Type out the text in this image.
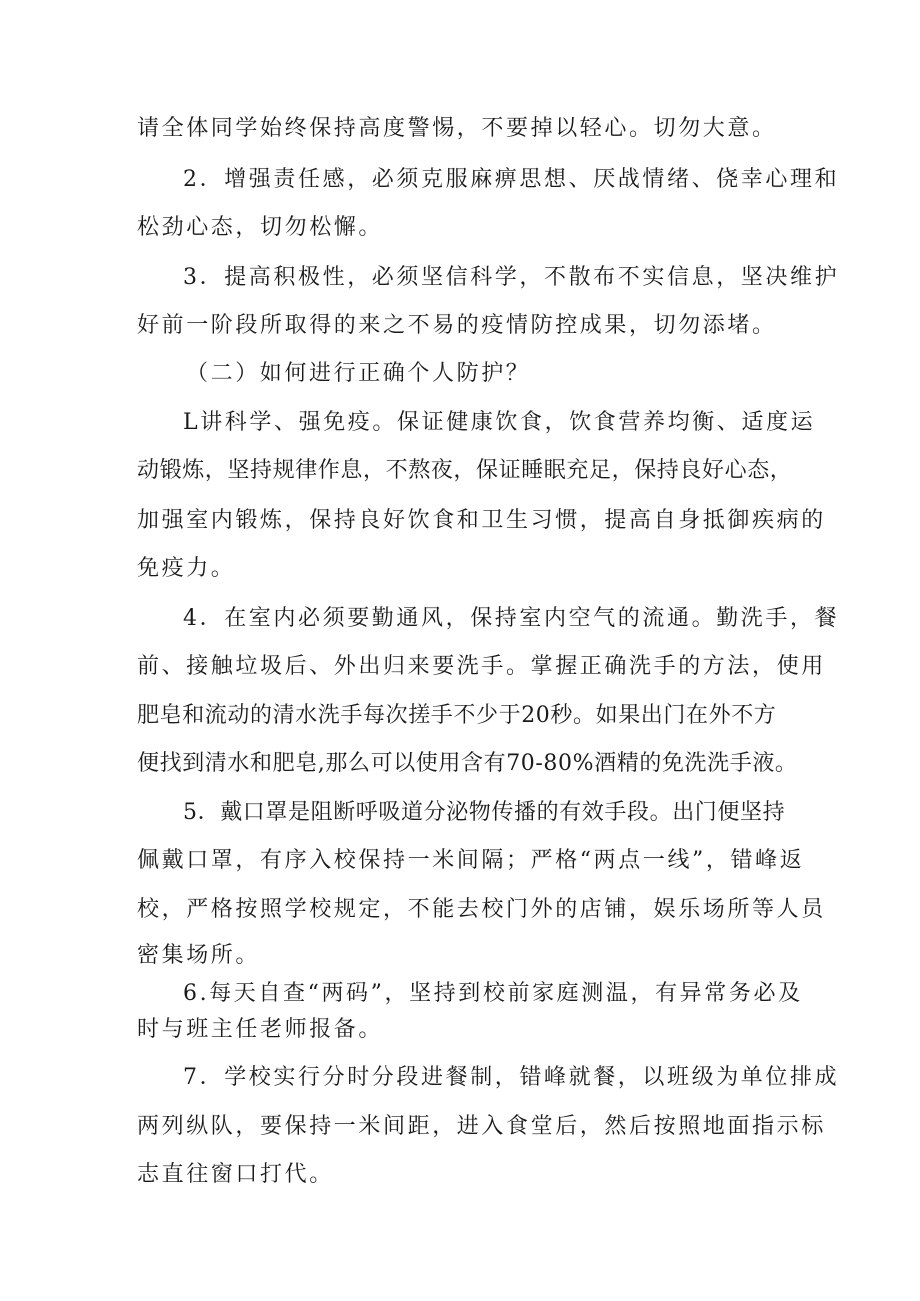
请全体同学始终保持高度警惕，不要掉以轻心。切勿大意。
2．增强责任感，必须克服麻痹思想、厌战情绪、侥幸心理和
松劲心态，切勿松懈。
3．提高积极性，必须坚信科学，不散布不实信息，坚决维护
好前一阶段所取得的来之不易的疫情防控成果，切勿添堵。
（二）如何进行正确个人防护？
L讲科学、强免疫。保证健康饮食，饮食营养均衡、适度运
动锻炼，坚持规律作息，不熬夜，保证睡眠充足，保持良好心态，
加强室内锻炼，保持良好饮食和卫生习惯，提高自身抵御疾病的
免疫力。
4．在室内必须要勤通风，保持室内空气的流通。勤洗手，餐
前、接触垃圾后、外出归来要洗手。掌握正确洗手的方法，使用
肥皂和流动的清水洗手每次搓手不少于20秒。如果出门在外不方
便找到清水和肥皂,那么可以使用含有70-80%酒精的免洗洗手液。
5．戴口罩是阻断呼吸道分泌物传播的有效手段。出门便坚持
佩戴口罩，有序入校保持一米间隔；严格“两点一线”，错峰返
校，严格按照学校规定，不能去校门外的店铺，娱乐场所等人员
密集场所。
6.每天自查“两码”，坚持到校前家庭测温，有异常务必及
时与班主任老师报备。
7．学校实行分时分段进餐制，错峰就餐，以班级为单位排成
两列纵队，要保持一米间距，进入食堂后，然后按照地面指示标
志直往窗口打代。
